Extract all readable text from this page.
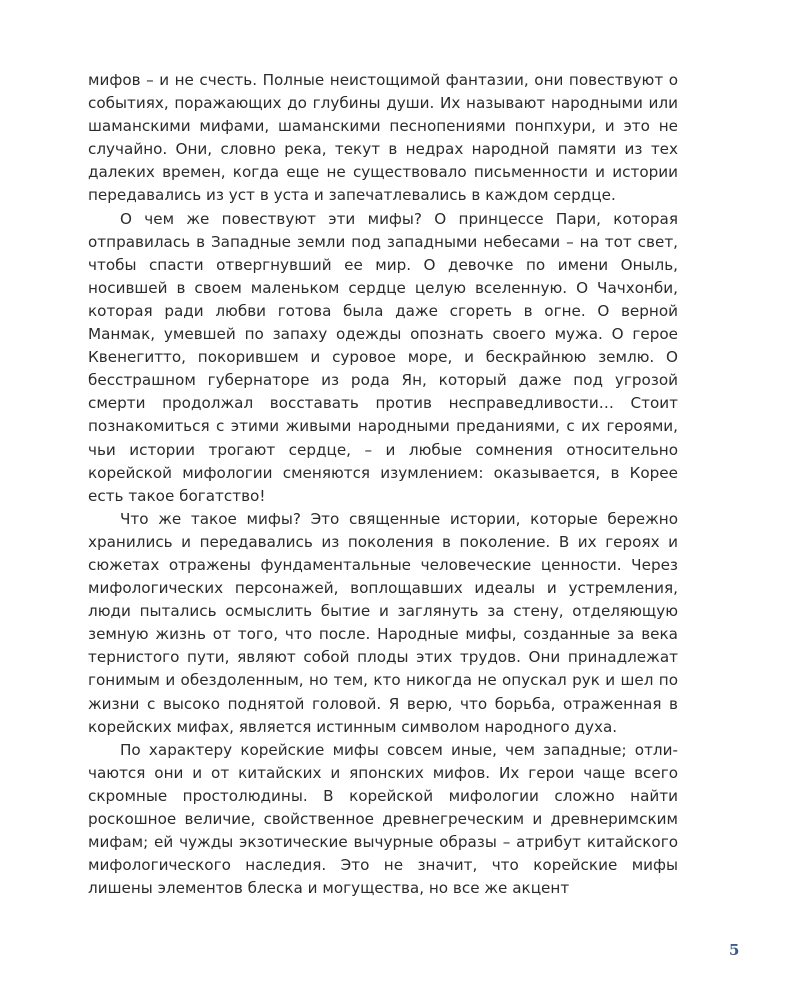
мифов – и не счесть. Полные неистощимой фантазии, они повествуют о событиях, поражающих до глубины души. Их называют народными или шаманскими мифами, шаманскими песнопениями понпхури, и это не случайно. Они, словно река, текут в недрах народной памяти из тех далеких времен, когда еще не существовало письменности и истории передавались из уст в уста и запечатлевались в каждом сердце.

О чем же повествуют эти мифы? О принцессе Пари, которая отправилась в Западные земли под западными небесами – на тот свет, чтобы спасти отвергнувший ее мир. О девочке по имени Оныль, носившей в своем маленьком сердце целую вселенную. О Чачхонби, которая ради любви готова была даже сгореть в огне. О верной Манмак, умевшей по запаху одежды опознать своего мужа. О герое Квенегитто, покорившем и суровое море, и бескрайнюю землю. О бесстрашном губернаторе из рода Ян, который даже под угрозой смерти продолжал восставать против несправедливости… Стоит познакомиться с этими живыми народными преданиями, с их героями, чьи истории трогают сердце, – и любые сомнения относительно корейской мифологии сменяются изумлением: оказывается, в Корее есть такое богатство!

Что же такое мифы? Это священные истории, которые бережно хранились и передавались из поколения в поколение. В их героях и сюжетах отражены фундаментальные человеческие ценности. Через мифологических персонажей, воплощавших идеалы и устремления, люди пытались осмыслить бытие и заглянуть за стену, отделяющую земную жизнь от того, что после. Народные мифы, созданные за века тернистого пути, являют собой плоды этих трудов. Они принадлежат гонимым и обездоленным, но тем, кто никогда не опускал рук и шел по жизни с высоко поднятой головой. Я верю, что борьба, отраженная в корейских мифах, является истинным символом народного духа.

По характеру корейские мифы совсем иные, чем западные; отличаются они и от китайских и японских мифов. Их герои чаще всего скромные простолюдины. В корейской мифологии сложно найти роскошное величие, свойственное древнегреческим и древнеримским мифам; ей чужды экзотические вычурные образы – атрибут китайского мифологического наследия. Это не значит, что корейские мифы лишены элементов блеска и могущества, но все же акцент

5
